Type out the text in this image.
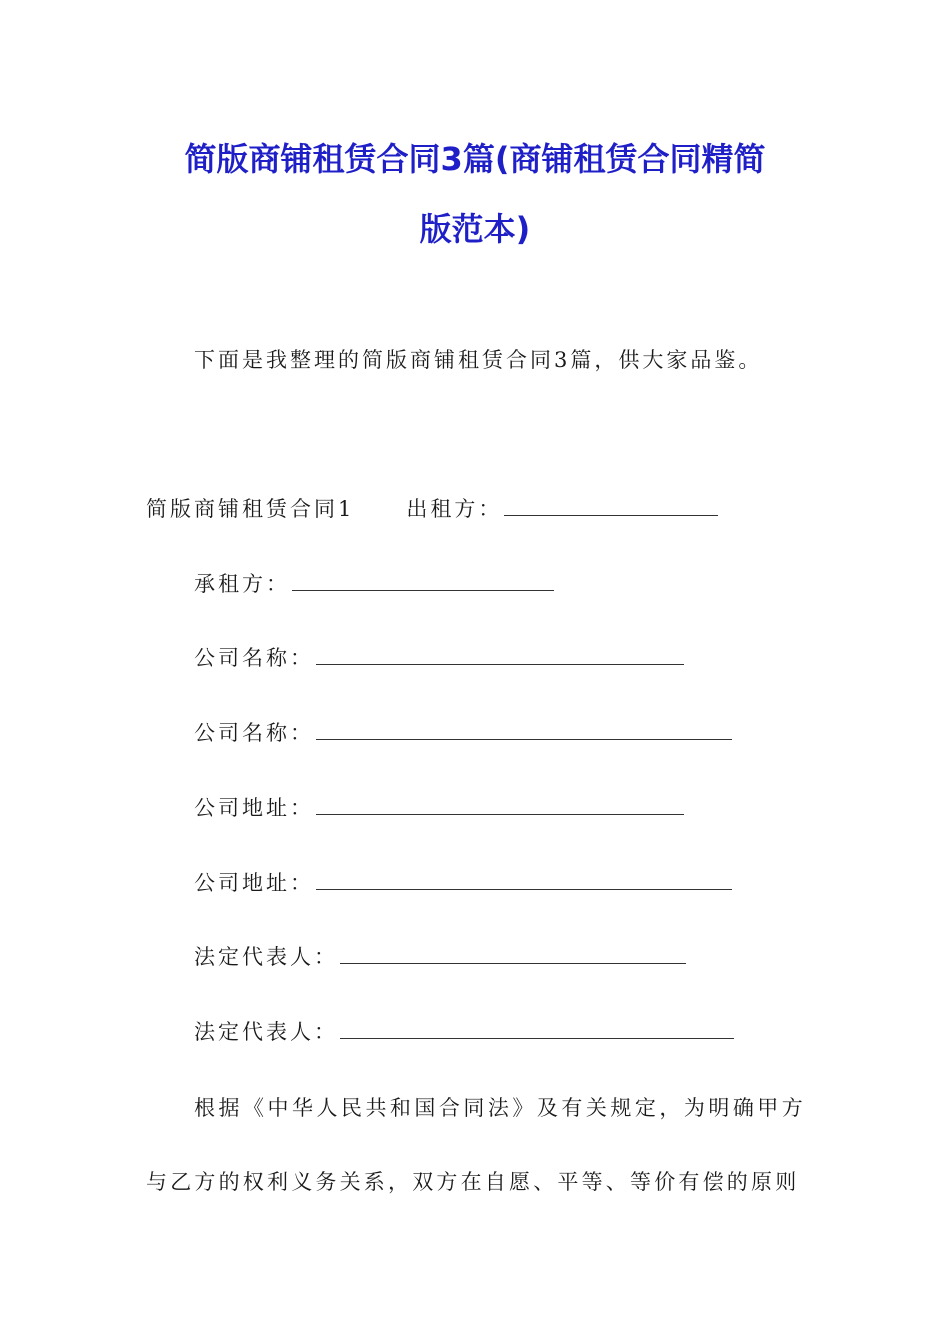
简版商铺租赁合同3篇(商铺租赁合同精简
版范本)
下面是我整理的简版商铺租赁合同3篇，供大家品鉴。
简版商铺租赁合同1 出租方：
承租方：
公司名称：
公司名称：
公司地址：
公司地址：
法定代表人：
法定代表人：
根据《中华人民共和国合同法》及有关规定，为明确甲方与乙方的权利义务关系，双方在自愿、平等、等价有偿的原则
